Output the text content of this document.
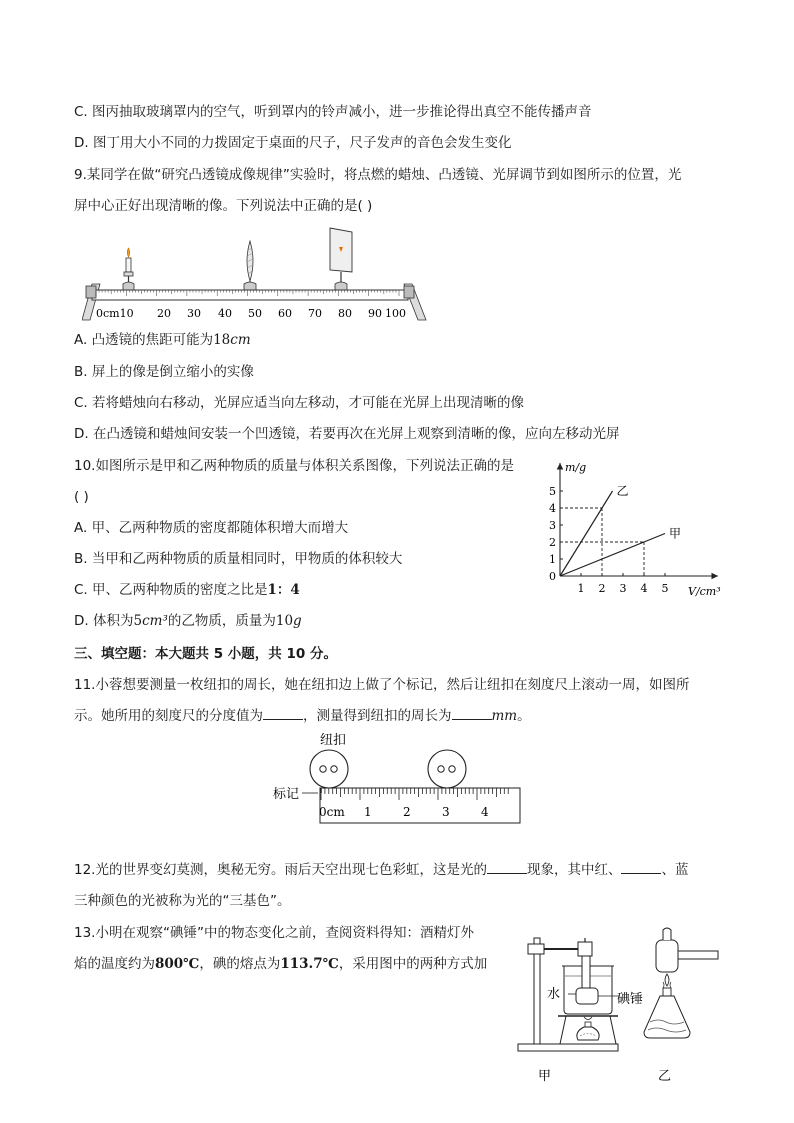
C. 图丙抽取玻璃罩内的空气，听到罩内的铃声减小，进一步推论得出真空不能传播声音
D. 图丁用大小不同的力拨固定于桌面的尺子，尺子发声的音色会发生变化
9.某同学在做“研究凸透镜成像规律”实验时，将点燃的蜡烛、凸透镜、光屏调节到如图所示的位置，光
屏中心正好出现清晰的像。下列说法中正确的是( )
0cm10 20 30 40 50 60 70 80 90 100
A. 凸透镜的焦距可能为18cm
B. 屏上的像是倒立缩小的实像
C. 若将蜡烛向右移动，光屏应适当向左移动，才可能在光屏上出现清晰的像
D. 在凸透镜和蜡烛间安装一个凹透镜，若要再次在光屏上观察到清晰的像，应向左移动光屏
10.如图所示是甲和乙两种物质的质量与体积关系图像，下列说法正确的是
( )
A. 甲、乙两种物质的密度都随体积增大而增大
B. 当甲和乙两种物质的质量相同时，甲物质的体积较大
C. 甲、乙两种物质的密度之比是1：4
D. 体积为5cm³的乙物质，质量为10g
m/g
V/cm³
乙
甲
1 2 3 4 5
0
1
2
3
4
5
三、填空题：本大题共 5 小题，共 10 分。
11.小蓉想要测量一枚纽扣的周长，她在纽扣边上做了个标记，然后让纽扣在刻度尺上滚动一周，如图所
示。她所用的刻度尺的分度值为	，测量得到纽扣的周长为	mm。
纽扣
标记
0cm 1	2	3	4
12.光的世界变幻莫测，奥秘无穷。雨后天空出现七色彩虹，这是光的	现象，其中红、	、蓝
三种颜色的光被称为光的“三基色”。
13.小明在观察“碘锤”中的物态变化之前，查阅资料得知：酒精灯外
焰的温度约为800℃，碘的熔点为113.7℃，采用图中的两种方式加
水	碘锤
甲	乙
